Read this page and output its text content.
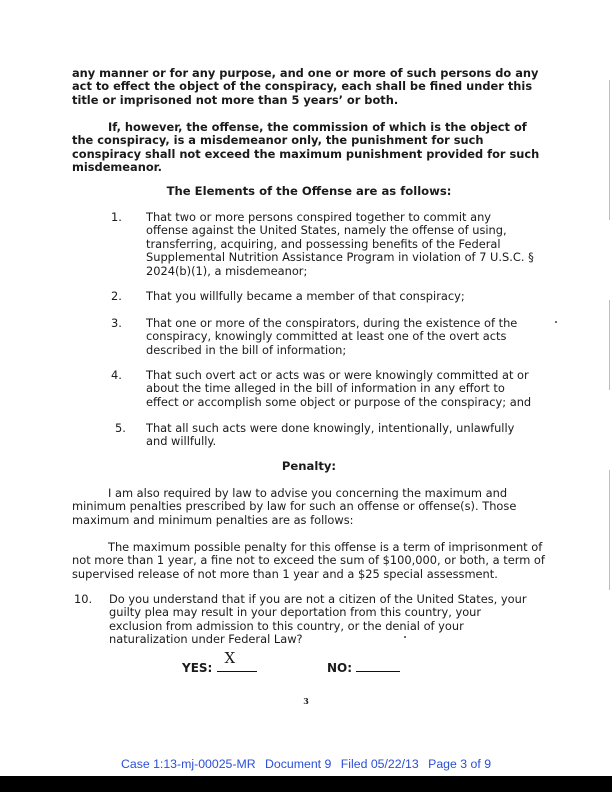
any manner or for any purpose, and one or more of such persons do any act to effect the object of the conspiracy, each shall be fined under this title or imprisoned not more than 5 years’ or both.

If, however, the offense, the commission of which is the object of the conspiracy, is a misdemeanor only, the punishment for such conspiracy shall not exceed the maximum punishment provided for such misdemeanor.

The Elements of the Offense are as follows:

1.	That two or more persons conspired together to commit any offense against the United States, namely the offense of using, transferring, acquiring, and possessing benefits of the Federal Supplemental Nutrition Assistance Program in violation of 7 U.S.C. § 2024(b)(1), a misdemeanor;

2.	That you willfully became a member of that conspiracy;

3.	That one or more of the conspirators, during the existence of the conspiracy, knowingly committed at least one of the overt acts described in the bill of information;

4.	That such overt act or acts was or were knowingly committed at or about the time alleged in the bill of information in any effort to effect or accomplish some object or purpose of the conspiracy; and

5.	That all such acts were done knowingly, intentionally, unlawfully and willfully.

Penalty:

I am also required by law to advise you concerning the maximum and minimum penalties prescribed by law for such an offense or offense(s). Those maximum and minimum penalties are as follows:

The maximum possible penalty for this offense is a term of imprisonment of not more than 1 year, a fine not to exceed the sum of $100,000, or both, a term of supervised release of not more than 1 year and a $25 special assessment.

10.	Do you understand that if you are not a citizen of the United States, your guilty plea may result in your deportation from this country, your exclusion from admission to this country, or the denial of your naturalization under Federal Law?

YES:
X
NO:
3
Case 1:13-mj-00025-MR Document 9 Filed 05/22/13 Page 3 of 9
